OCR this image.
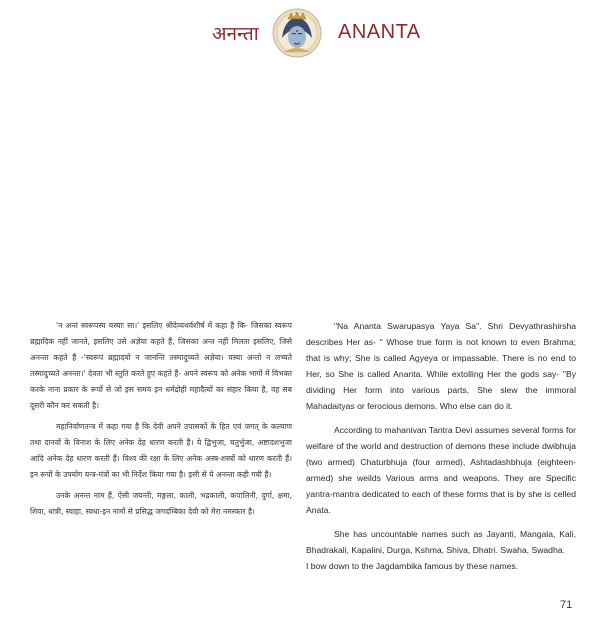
अनन्ता	ANANTA

'न अन्तं स्वरूपस्य यस्याः सा।' इसलिए श्रीदेव्यथर्वशीर्ष में कहा है कि- जिसका स्वरूप ब्रह्मादिक नहीं जानते, इसलिए उसे अज्ञेया कहते हैं, जिसका अन्त नहीं मिलता इसलिए, जिसे अनन्ता कहते हैं -'स्वरूपं ब्रह्मादयो न जानन्ति तस्मादुच्यते अज्ञेया। यस्या अन्तो न लभ्यते तस्मादुच्यते अनन्ता।' देवता भी स्तुति करते हुए कहते हैं- अपने स्वरूप को अनेक भागों में विभक्त करके नाना प्रकार के रूपों से जो इस समय इन धर्मद्रोही महादैत्यों का संहार किया है, वह सब दूसरी कौन कर सकती है।

महानिर्वाणतन्त्र में कहा गया है कि देवी अपने उपासकों के हित एवं जगत् के कल्याण तथा दानवों के विनाश के लिए अनेक देह धारण करती हैं। ये द्विभुजा, चतुर्भुजा, अष्टादशभुजा आदि अनेक देह धारण करती हैं। विश्व की रक्षा के लिए अनेक अस्त्र-शस्त्रों को धारण करती हैं। इन रूपों के उपयोग यन्त्र-मंत्रों का भी निर्देश किया गया है। इसी से ये अनन्ता कही गयी हैं।

उनके अनन्त नाम हैं, ऐसी जयन्ती, मङ्गला, काली, भद्रकाली, कपालिनी, दुर्गा, क्षमा, शिवा, धात्री, स्वाहा, स्वधा-इन नामों से प्रसिद्ध जगदम्बिका देवी को मेरा नमस्कार है।

"Na Ananta Swarupasya Yaya Sa". Shri Devyathrashirsha describes Her as- " Whose true form is not known to even Brahma; that is why; She is called Agyeya or impassable. There is no end to Her, so She is called Ananta. While extolling Her the gods say- "By dividing Her form into various parts, She slew the immoral Mahadaityas or ferocious demons. Who else can do it.

According to mahanivan Tantra Devi assumes several forms for welfare of the world and destruction of demons these include dwibhuja (two armed) Chaturbhuja (four armed), Ashtadashbhuja (eighteen-armed) she weilds Various arms and weapons. They are Specific yantra-mantra dedicated to each of these forms that is by she is celled Anata.

She has uncountable names such as Jayanti, Mangala, Kali, Bhadrakali, Kapalini, Durga, Kshma, Shiva, Dhatri. Swaha, Swadha.

I bow down to the Jagdambika famous by these names.

71
